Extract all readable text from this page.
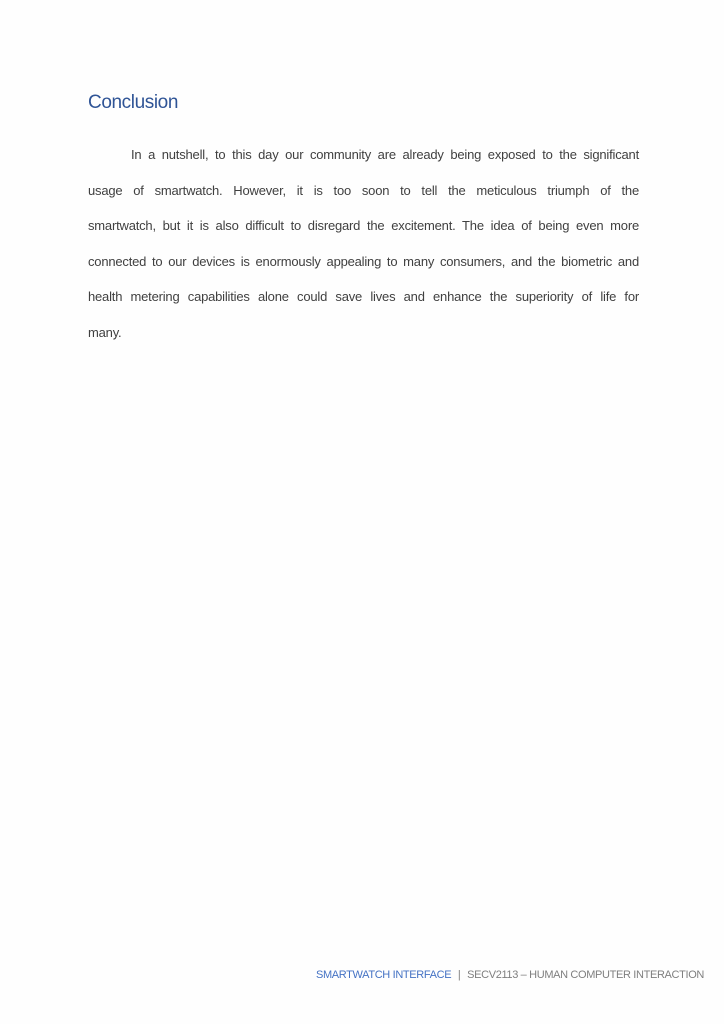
Conclusion
In a nutshell, to this day our community are already being exposed to the significant
usage of smartwatch. However, it is too soon to tell the meticulous triumph of the
smartwatch, but it is also difficult to disregard the excitement. The idea of being even more
connected to our devices is enormously appealing to many consumers, and the biometric and
health metering capabilities alone could save lives and enhance the superiority of life for
many.
SMARTWATCH INTERFACE | SECV2113 – HUMAN COMPUTER INTERACTION
